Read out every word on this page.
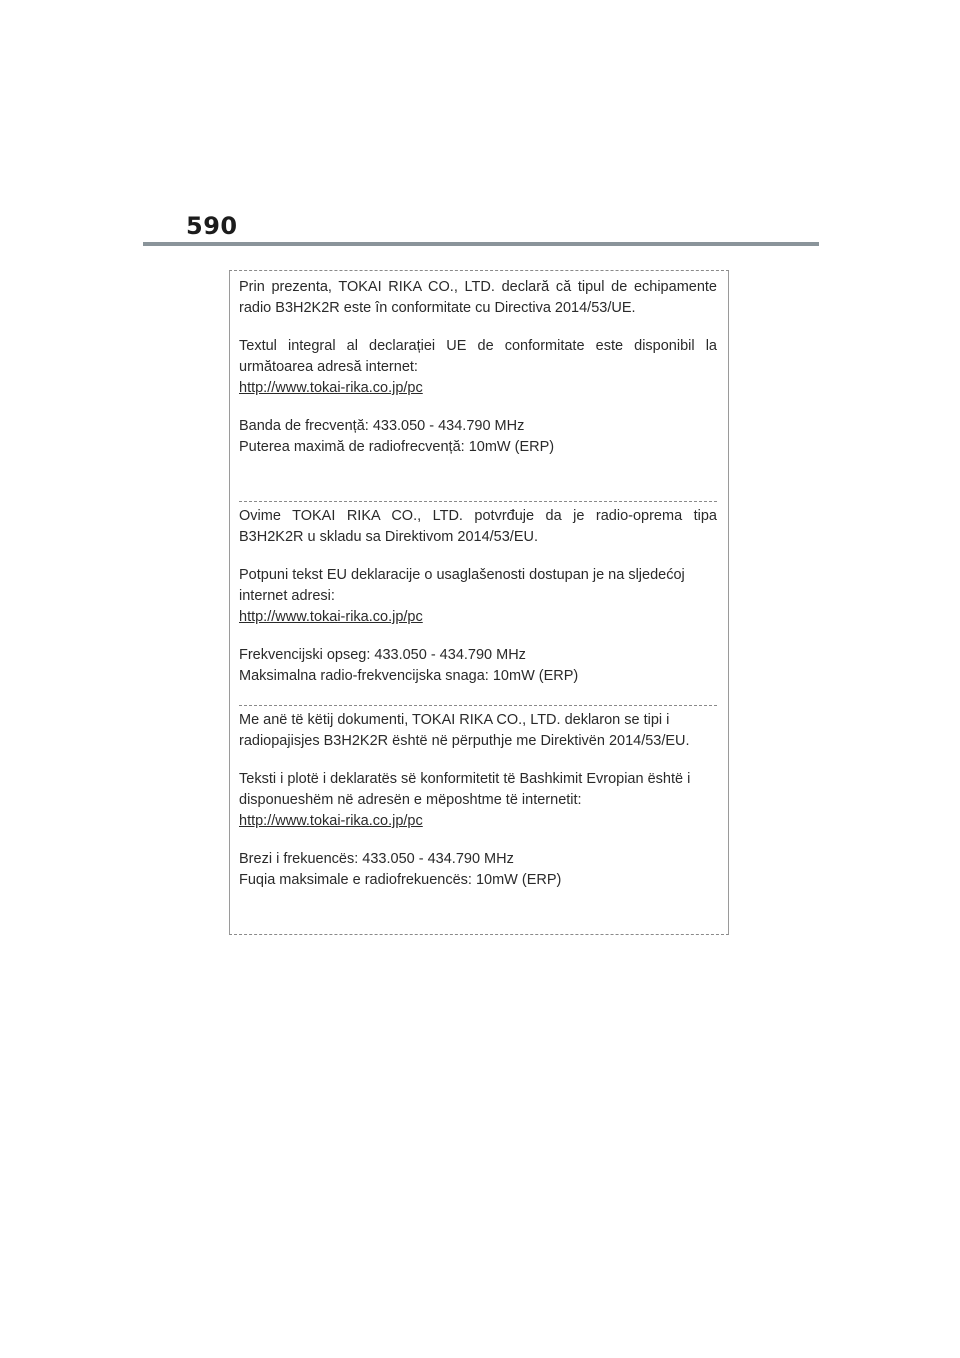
590

Prin prezenta, TOKAI RIKA CO., LTD. declară că tipul de echipamente radio B3H2K2R este în conformitate cu Directiva 2014/53/UE.

Textul integral al declarației UE de conformitate este disponibil la următoarea adresă internet:

http://www.tokai-rika.co.jp/pc

Banda de frecvență: 433.050 - 434.790 MHz

Puterea maximă de radiofrecvență: 10mW (ERP)

Ovime TOKAI RIKA CO., LTD. potvrđuje da je radio-oprema tipa B3H2K2R u skladu sa Direktivom 2014/53/EU.

Potpuni tekst EU deklaracije o usaglašenosti dostupan je na sljedećoj internet adresi:

http://www.tokai-rika.co.jp/pc

Frekvencijski opseg: 433.050 - 434.790 MHz

Maksimalna radio-frekvencijska snaga: 10mW (ERP)

Me anë të këtij dokumenti, TOKAI RIKA CO., LTD. deklaron se tipi i radiopajisjes B3H2K2R është në përputhje me Direktivën 2014/53/EU.

Teksti i plotë i deklaratës së konformitetit të Bashkimit Evropian është i disponueshëm në adresën e mëposhtme të internetit:

http://www.tokai-rika.co.jp/pc

Brezi i frekuencës: 433.050 - 434.790 MHz

Fuqia maksimale e radiofrekuencës: 10mW (ERP)
